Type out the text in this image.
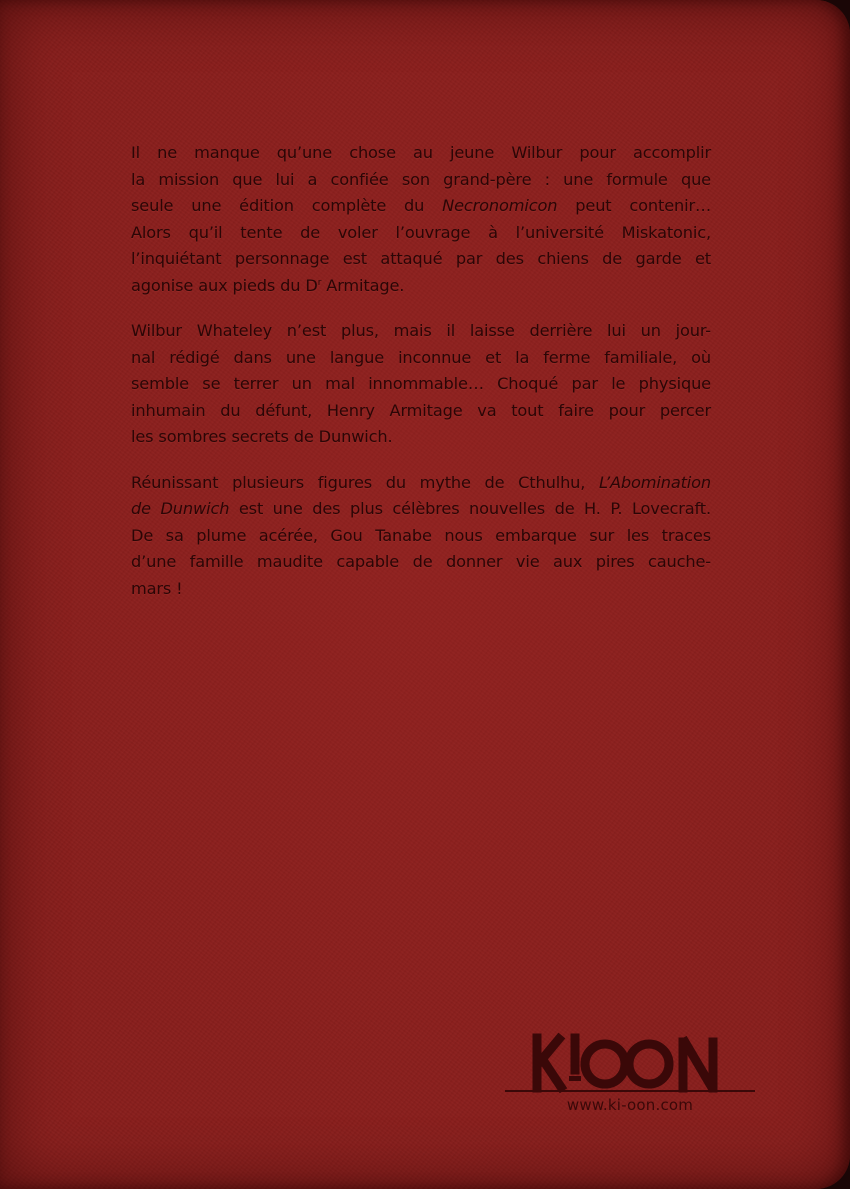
Il ne manque qu’une chose au jeune Wilbur pour accomplir
la mission que lui a confiée son grand-père : une formule que
seule une édition complète du Necronomicon peut contenir…
Alors qu’il tente de voler l’ouvrage à l’université Miskatonic,
l’inquiétant personnage est attaqué par des chiens de garde et
agonise aux pieds du $D^r$ Armitage.
Wilbur Whateley n’est plus, mais il laisse derrière lui un jour-
nal rédigé dans une langue inconnue et la ferme familiale, où
semble se terrer un mal innommable… Choqué par le physique
inhumain du défunt, Henry Armitage va tout faire pour percer
les sombres secrets de Dunwich.
Réunissant plusieurs figures du mythe de Cthulhu, L’Abomination
de Dunwich est une des plus célèbres nouvelles de H. P. Lovecraft.
De sa plume acérée, Gou Tanabe nous embarque sur les traces
d’une famille maudite capable de donner vie aux pires cauche-
mars !
www.ki-oon.com
